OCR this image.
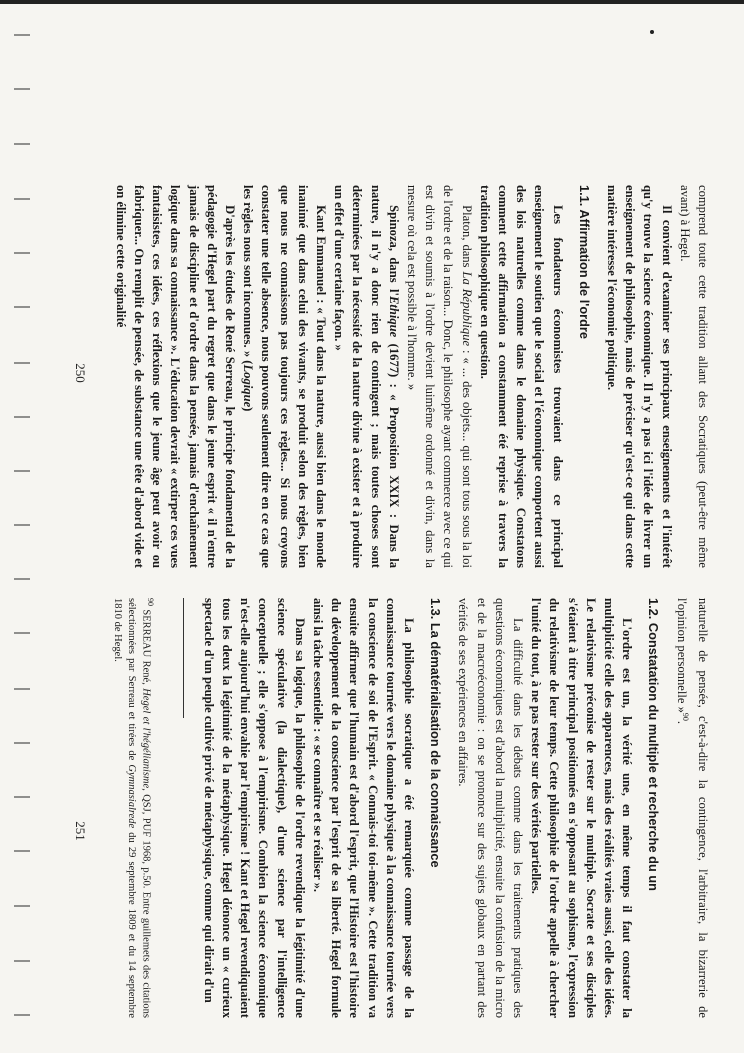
comprend toute cette tradition allant des Socratiques (peut-être même avant) à Hegel.

Il convient d'examiner ses principaux enseignements et l'intérêt qu'y trouve la science économique. Il n'y a pas ici l'idée de livrer un enseignement de philosophie, mais de préciser qu'est-ce qui dans cette matière intéresse l'économie politique.

1.1. Affirmation de l'ordre

Les fondateurs économistes trouvaient dans ce principal enseignement le soutien que le social et l'économique comportent aussi des lois naturelles comme dans le domaine physique. Constatons comment cette affirmation a constamment été reprise à travers la tradition philosophique en question.

Platon, dans La République : « ... des objets... qui sont tous sous la loi de l'ordre et de la raison... Donc, le philosophe ayant commerce avec ce qui est divin et soumis à l'ordre devient luimême ordonné et divin, dans la mesure où cela est possible à l'homme. »

Spinoza, dans l'Ethique (1677) : « Proposition XXIX : Dans la nature, il n'y a donc rien de contingent ; mais toutes choses sont déterminées par la nécessité de la nature divine à exister et à produire un effet d'une certaine façon. »

Kant Emmanuel : « Tout dans la nature, aussi bien dans le monde inanimé que dans celui des vivants, se produit selon des règles, bien que nous ne connaissons pas toujours ces règles... Si nous croyons constater une telle absence, nous pouvons seulement dire en ce cas que les règles nous sont inconnues. » (Logique)

D'après les études de René Serreau, le principe fondamental de la pédagogie d'Hegel part du regret que dans le jeune esprit « il n'entre jamais de discipline et d'ordre dans la pensée, jamais d'enchaînement logique dans sa connaissance ». L'éducation devrait « extirper ces vues fantaisistes, ces idées, ces réflexions que le jeune âge peut avoir ou fabriquer... On remplit de pensée, de substance une tête d'abord vide et on élimine cette originalité

250

naturelle de pensée, c'est-à-dire la contingence, l'arbitraire, la bizarrerie de l'opinion personnelle »$^{90}$.

1.2. Constatation du multiple et recherche du un

L'ordre est un, la vérité une, en même temps il faut constater la multiplicité celle des apparences, mais des réalités vraies aussi, celle des idées. Le relativisme préconise de rester sur le multiple. Socrate et ses disciples s'étaient à titre principal positionnés en s'opposant au sophisme, l'expression du relativisme de leur temps. Cette philosophie de l'ordre appelle à chercher l'unité du tout, à ne pas rester sur des vérités partielles.

La difficulté dans les débats comme dans les traitements pratiques des questions économiques est d'abord la multiplicité, ensuite la confusion de la micro et de la macroéconomie : on se prononce sur des sujets globaux en partant des vérités de ses expériences en affaires.

1.3. La dématérialisation de la connaissance

La philosophie socratique a été remarquée comme passage de la connaissance tournée vers le domaine physique à la connaissance tournée vers la conscience de soi de l'Esprit. « Connais-toi toi-même ». Cette tradition va ensuite affirmer que l'humain est d'abord l'esprit, que l'Histoire est l'histoire du développement de la conscience par l'esprit de sa liberté. Hegel formule ainsi la tâche essentielle : « se connaître et se réaliser ».

Dans sa logique, la philosophie de l'ordre revendique la légitimité d'une science spéculative (la dialectique), d'une science par l'intelligence conceptuelle ; elle s'oppose à l'empirisme. Combien la science économique n'est-elle aujourd'hui envahie par l'empirisme ! Kant et Hegel revendiquaient tous les deux la légitimité de la métaphysique. Hegel dénonce un « curieux spectacle d'un peuple cultivé privé de métaphysique, comme qui dirait d'un

$^{90}$ SERREAU René, Hegel et l'hégélianisme, QSJ, PUF 1968, p.50. Entre guillemets des citations sélectionnées par Serreau et tirées de Gymnasialrede du 29 septembre 1809 et du 14 septembre 1810 de Hegel.

251
